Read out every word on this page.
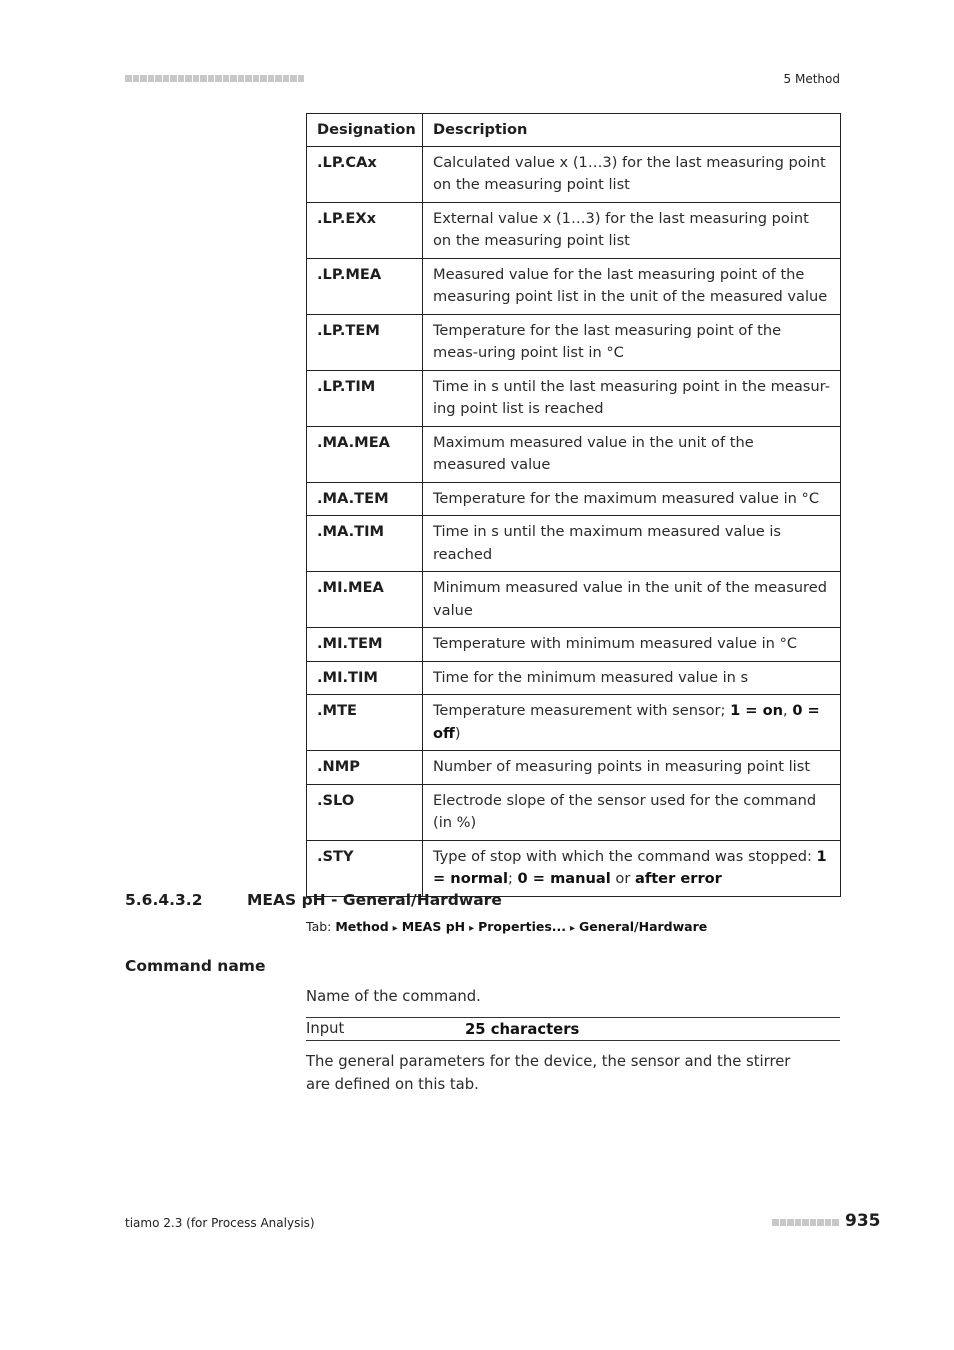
5 Method
Designation	Description
.LP.CAx	Calculated value x (1…3) for the last measuring point on the measuring point list
.LP.EXx	External value x (1…3) for the last measuring point on the measuring point list
.LP.MEA	Measured value for the last measuring point of the measuring point list in the unit of the measured value
.LP.TEM	Temperature for the last measuring point of the meas-uring point list in °C
.LP.TIM	Time in s until the last measuring point in the measur-ing point list is reached
.MA.MEA	Maximum measured value in the unit of the measured value
.MA.TEM	Temperature for the maximum measured value in °C
.MA.TIM	Time in s until the maximum measured value is reached
.MI.MEA	Minimum measured value in the unit of the measured value
.MI.TEM	Temperature with minimum measured value in °C
.MI.TIM	Time for the minimum measured value in s
.MTE	Temperature measurement with sensor; 1 = on, 0 = off)
.NMP	Number of measuring points in measuring point list
.SLO	Electrode slope of the sensor used for the command (in %)
.STY	Type of stop with which the command was stopped: 1 = normal; 0 = manual or after error
5.6.4.3.2	MEAS pH - General/Hardware
Tab: Method ▸ MEAS pH ▸ Properties... ▸ General/Hardware
Command name
Name of the command.
Input	25 characters
The general parameters for the device, the sensor and the stirrer are defined on this tab.
tiamo 2.3 (for Process Analysis)	935
